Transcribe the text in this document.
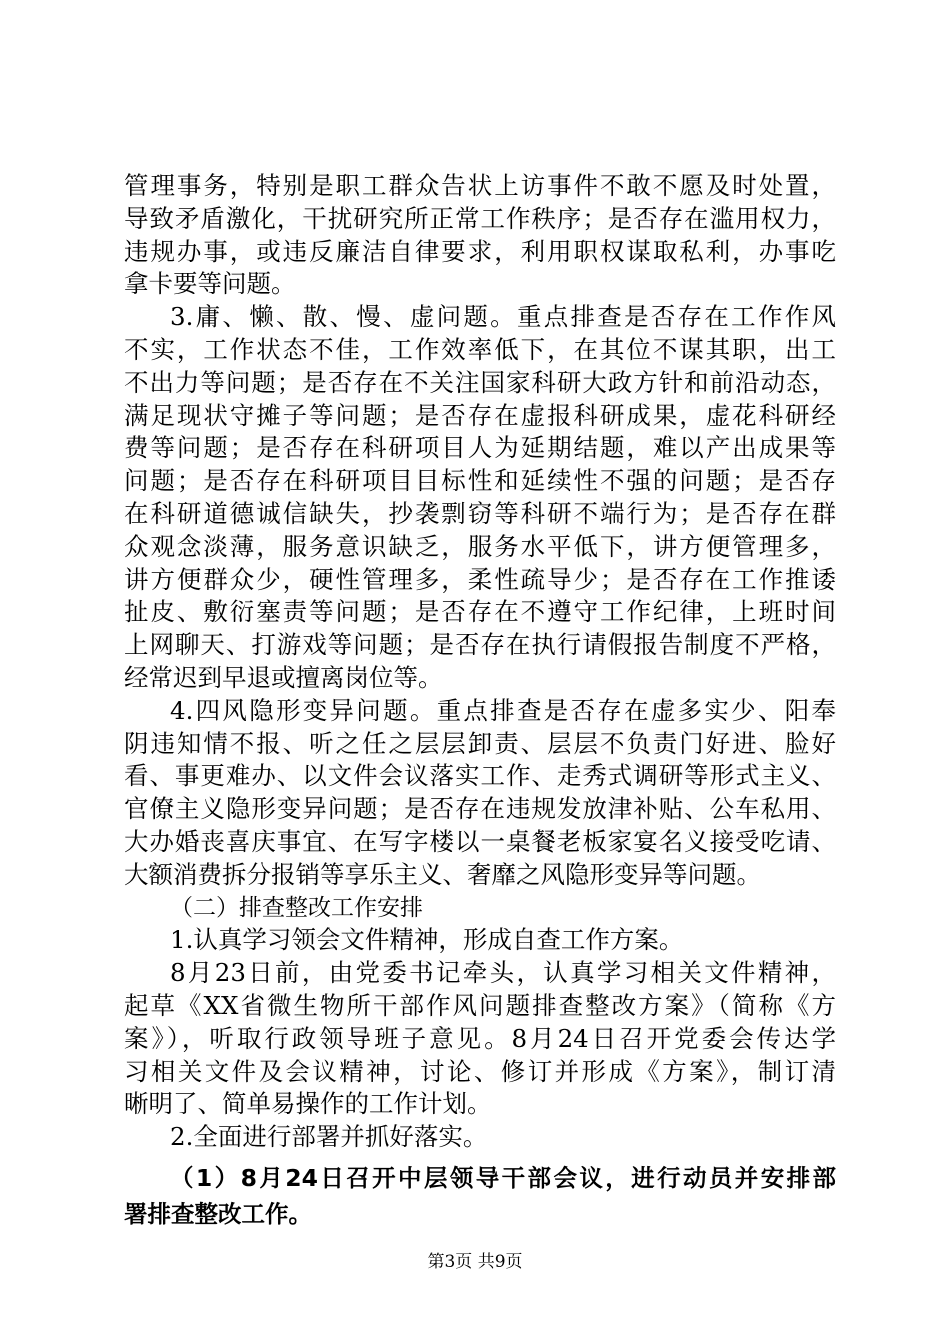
管理事务，特别是职工群众告状上访事件不敢不愿及时处置，
导致矛盾激化，干扰研究所正常工作秩序；是否存在滥用权力，
违规办事，或违反廉洁自律要求，利用职权谋取私利，办事吃
拿卡要等问题。
3.庸、懒、散、慢、虚问题。重点排查是否存在工作作风
不实，工作状态不佳，工作效率低下，在其位不谋其职，出工
不出力等问题；是否存在不关注国家科研大政方针和前沿动态，
满足现状守摊子等问题；是否存在虚报科研成果，虚花科研经
费等问题；是否存在科研项目人为延期结题，难以产出成果等
问题；是否存在科研项目目标性和延续性不强的问题；是否存
在科研道德诚信缺失，抄袭剽窃等科研不端行为；是否存在群
众观念淡薄，服务意识缺乏，服务水平低下，讲方便管理多，
讲方便群众少，硬性管理多，柔性疏导少；是否存在工作推诿
扯皮、敷衍塞责等问题；是否存在不遵守工作纪律，上班时间
上网聊天、打游戏等问题；是否存在执行请假报告制度不严格，
经常迟到早退或擅离岗位等。
4.四风隐形变异问题。重点排查是否存在虚多实少、阳奉
阴违知情不报、听之任之层层卸责、层层不负责门好进、脸好
看、事更难办、以文件会议落实工作、走秀式调研等形式主义、
官僚主义隐形变异问题；是否存在违规发放津补贴、公车私用、
大办婚丧喜庆事宜、在写字楼以一桌餐老板家宴名义接受吃请、
大额消费拆分报销等享乐主义、奢靡之风隐形变异等问题。
（二）排查整改工作安排
1.认真学习领会文件精神，形成自查工作方案。
8月23日前，由党委书记牵头，认真学习相关文件精神，
起草《XX省微生物所干部作风问题排查整改方案》（简称《方
案》），听取行政领导班子意见。8月24日召开党委会传达学
习相关文件及会议精神，讨论、修订并形成《方案》，制订清
晰明了、简单易操作的工作计划。
2.全面进行部署并抓好落实。
（1）8月24日召开中层领导干部会议，进行动员并安排部
署排查整改工作。
第3页 共9页
